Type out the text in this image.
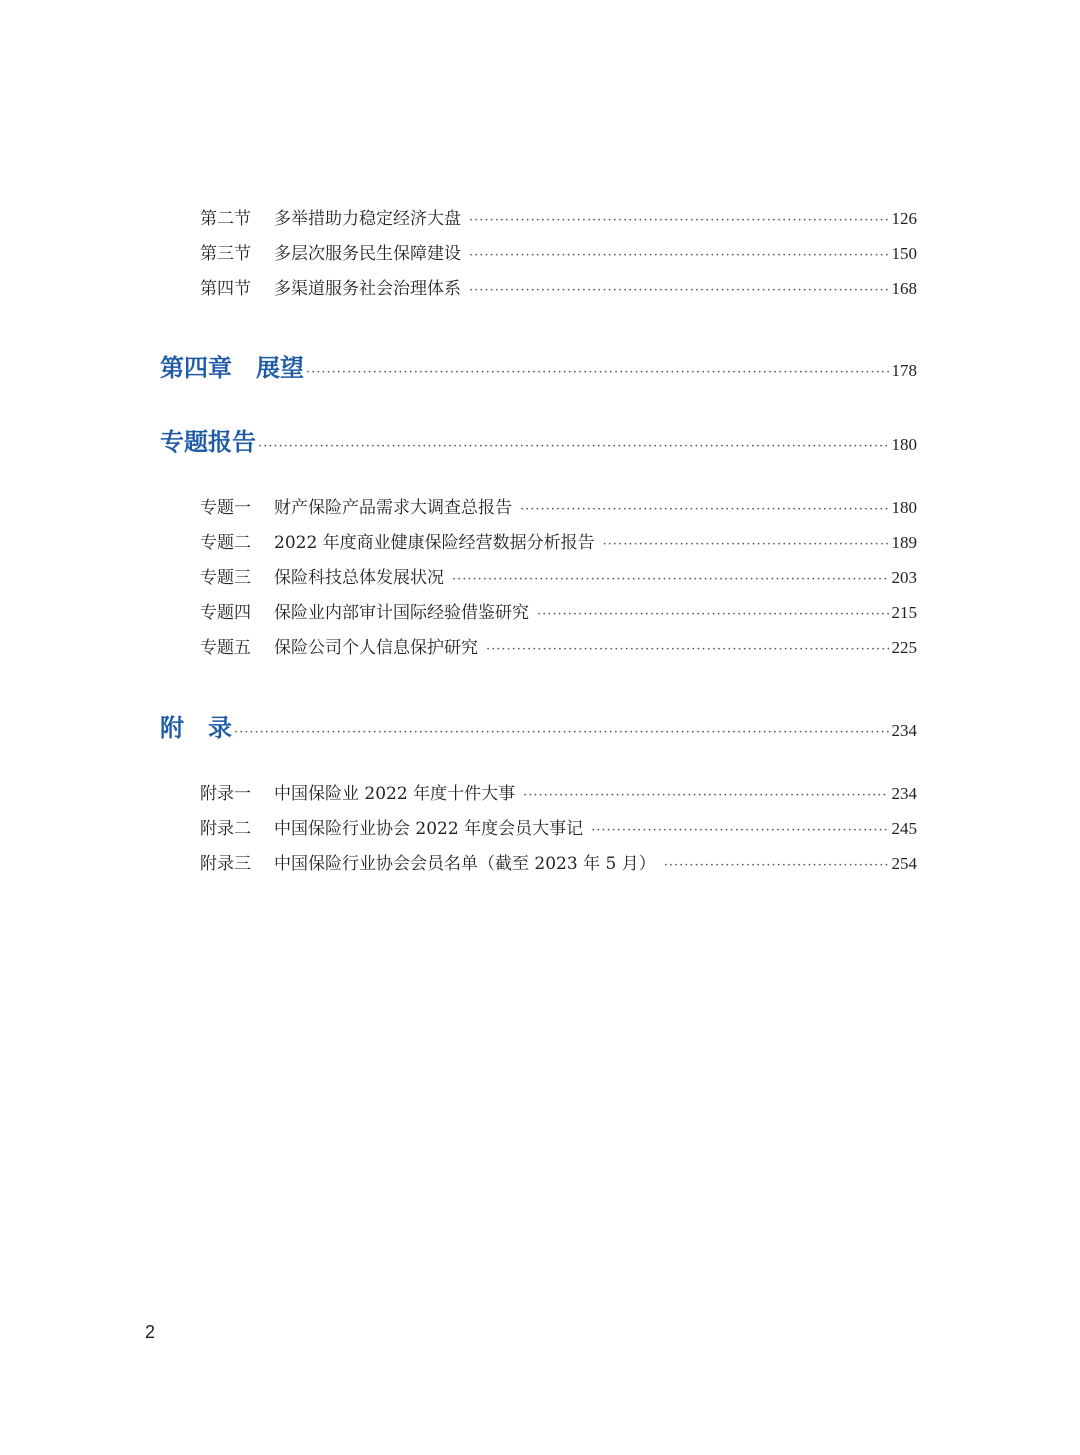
第二节	多举措助力稳定经济大盘 ·····	126
第三节	多层次服务民生保障建设 ·····	150
第四节	多渠道服务社会治理体系 ·····	168
第四章　展望 ·····	178
专题报告 ·····	180
专题一	财产保险产品需求大调查总报告 ·····	180
专题二	2022 年度商业健康保险经营数据分析报告 ·····	189
专题三	保险科技总体发展状况 ·····	203
专题四	保险业内部审计国际经验借鉴研究 ·····	215
专题五	保险公司个人信息保护研究 ·····	225
附　录 ·····	234
附录一	中国保险业 2022 年度十件大事 ·····	234
附录二	中国保险行业协会 2022 年度会员大事记 ·····	245
附录三	中国保险行业协会会员名单（截至 2023 年 5 月） ·····	254
2
